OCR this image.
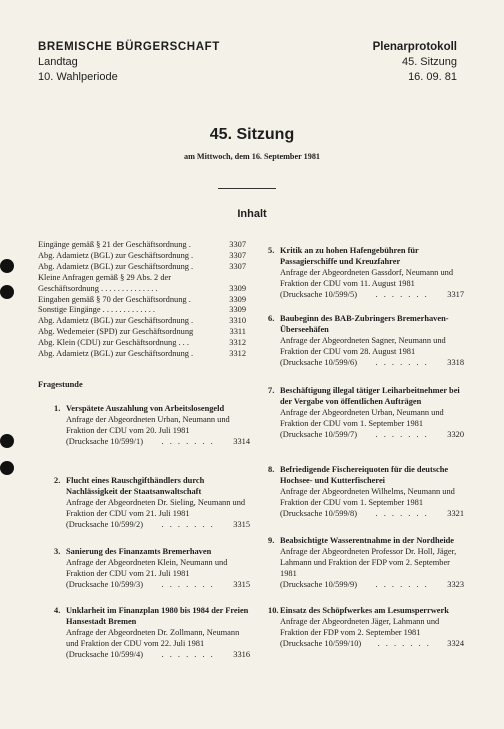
BREMISCHE BÜRGERSCHAFT
Landtag
10. Wahlperiode
Plenarprotokoll
45. Sitzung
16. 09. 81
45. Sitzung
am Mittwoch, dem 16. September 1981
Inhalt
Eingänge gemäß § 21 der Geschäftsordnung .	3307
Abg. Adamietz (BGL) zur Geschäftsordnung .	3307
Abg. Adamietz (BGL) zur Geschäftsordnung .	3307
Kleine Anfragen gemäß § 29 Abs. 2 der Geschäftsordnung . . . . . . . . . . . . . .	3309
Eingaben gemäß § 70 der Geschäftsordnung .	3309
Sonstige Eingänge . . . . . . . . . . . . .	3309
Abg. Adamietz (BGL) zur Geschäftsordnung .	3310
Abg. Wedemeier (SPD) zur Geschäftsordnung	3311
Abg. Klein (CDU) zur Geschäftsordnung . . .	3312
Abg. Adamietz (BGL) zur Geschäftsordnung .	3312
Fragestunde
1. Verspätete Auszahlung von Arbeitslosengeld
Anfrage der Abgeordneten Urban, Neumann und Fraktion der CDU vom 20. Juli 1981
(Drucksache 10/599/1)	. . . . . . .	3314
2. Flucht eines Rauschgifthändlers durch Nachlässigkeit der Staatsanwaltschaft
Anfrage der Abgeordneten Dr. Sieling, Neumann und Fraktion der CDU vom 21. Juli 1981
(Drucksache 10/599/2)	. . . . . . .	3315
3. Sanierung des Finanzamts Bremerhaven
Anfrage der Abgeordneten Klein, Neumann und Fraktion der CDU vom 21. Juli 1981
(Drucksache 10/599/3)	. . . . . . .	3315
4. Unklarheit im Finanzplan 1980 bis 1984 der Freien Hansestadt Bremen
Anfrage der Abgeordneten Dr. Zollmann, Neumann und Fraktion der CDU vom 22. Juli 1981
(Drucksache 10/599/4)	. . . . . . .	3316
5. Kritik an zu hohen Hafengebühren für Passagierschiffe und Kreuzfahrer
Anfrage der Abgeordneten Gassdorf, Neumann und Fraktion der CDU vom 11. August 1981
(Drucksache 10/599/5)	. . . . . . .	3317
6. Baubeginn des BAB-Zubringers Bremerhaven-Überseehäfen
Anfrage der Abgeordneten Sagner, Neumann und Fraktion der CDU vom 28. August 1981
(Drucksache 10/599/6)	. . . . . . .	3318
7. Beschäftigung illegal tätiger Leiharbeitnehmer bei der Vergabe von öffentlichen Aufträgen
Anfrage der Abgeordneten Urban, Neumann und Fraktion der CDU vom 1. September 1981
(Drucksache 10/599/7)	. . . . . . .	3320
8. Befriedigende Fischereiquoten für die deutsche Hochsee- und Kutterfischerei
Anfrage der Abgeordneten Wilhelms, Neumann und Fraktion der CDU vom 1. September 1981
(Drucksache 10/599/8)	. . . . . . .	3321
9. Beabsichtigte Wasserentnahme in der Nordheide
Anfrage der Abgeordneten Professor Dr. Holl, Jäger, Lahmann und Fraktion der FDP vom 2. September 1981
(Drucksache 10/599/9)	. . . . . . .	3323
10. Einsatz des Schöpfwerkes am Lesumsperrwerk
Anfrage der Abgeordneten Jäger, Lahmann und Fraktion der FDP vom 2. September 1981
(Drucksache 10/599/10)	. . . . . . .	3324
